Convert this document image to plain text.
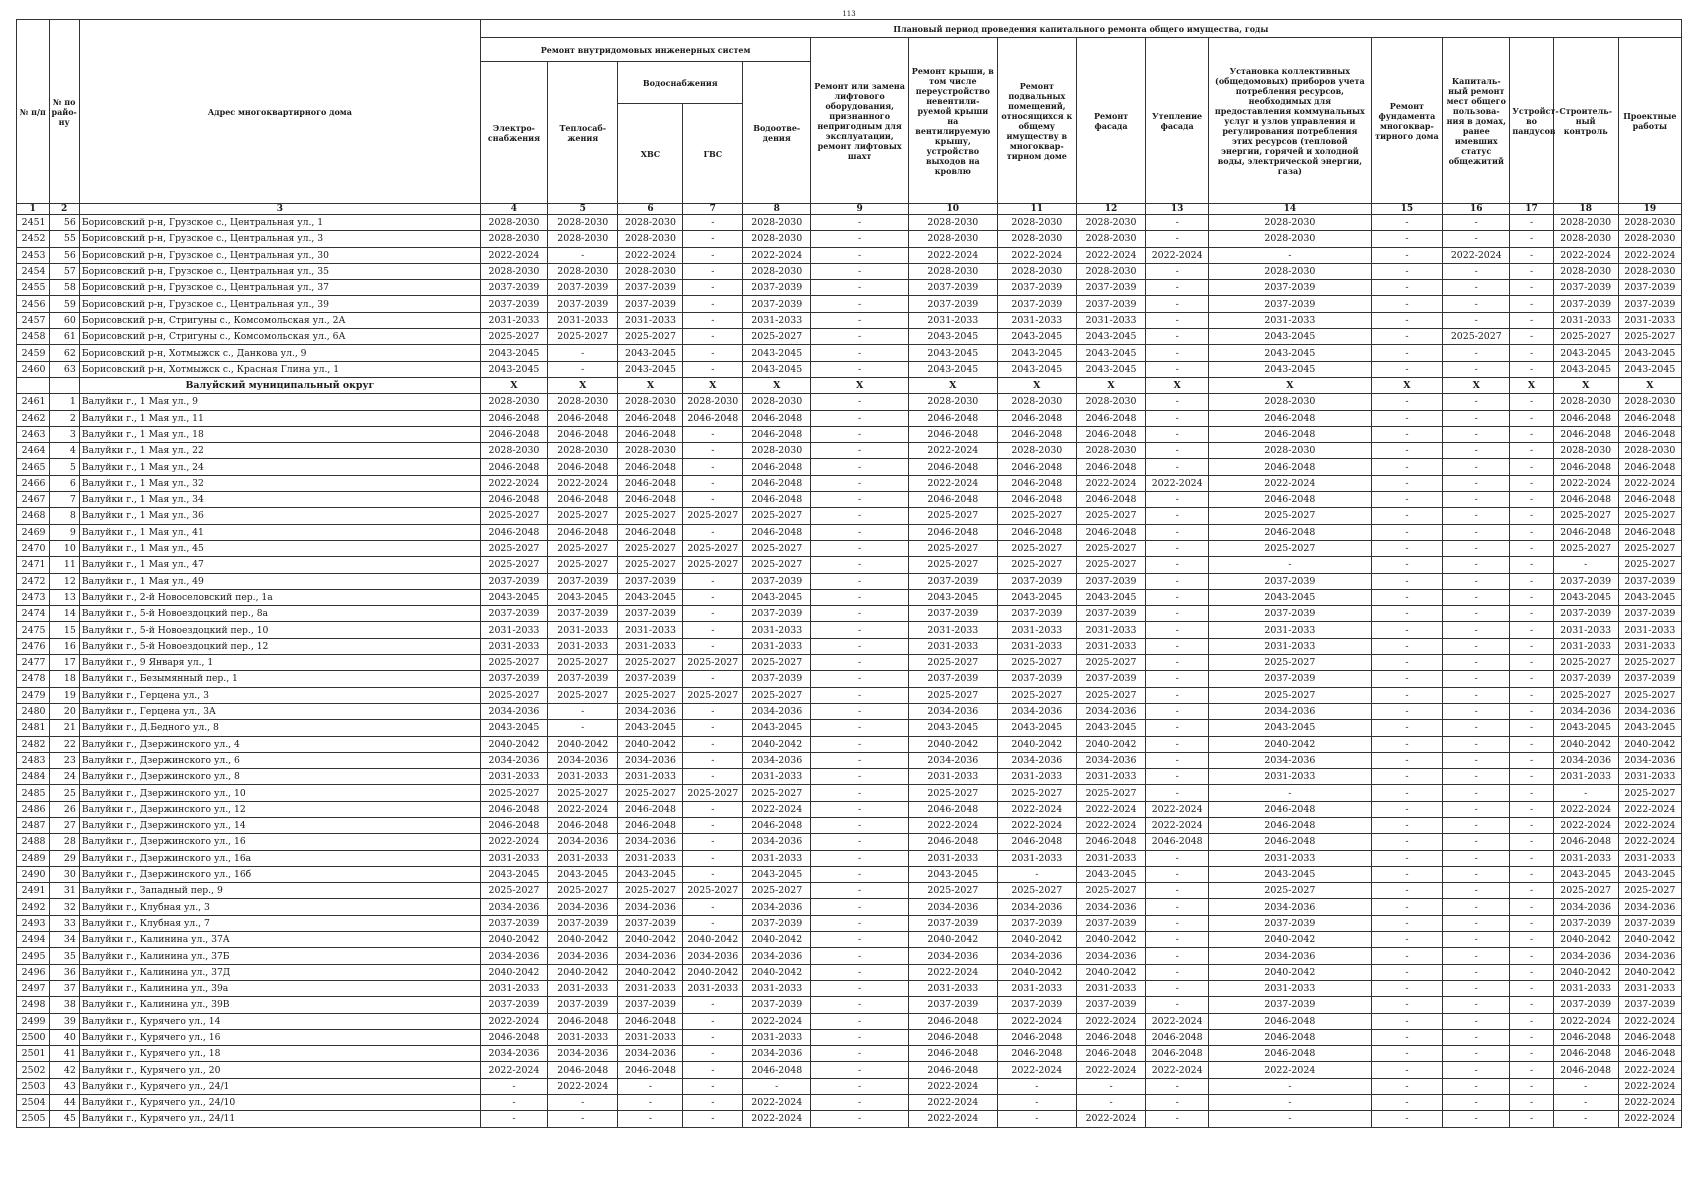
113
№ п/п	№ по райо-ну	Адрес многоквартирного дома	Плановый период проведения капитального ремонта общего имущества, годы															
			Ремонт внутридомовых инженерных систем					Ремонт или замена лифтового оборудования, признанного непригодным для эксплуатации, ремонт лифтовых шахт	Ремонт крыши, в том числе переустройство невентили-руемой крыши на вентилируемую крышу, устройство выходов на кровлю	Ремонт подвальных помещений, относящихся к общему имуществу в многоквар-тирном доме	Ремонт фасада	Утепление фасада	Установка коллективных (общедомовых) приборов учета потребления ресурсов, необходимых для предоставления коммунальных услуг и узлов управления и регулирования потребления этих ресурсов (тепловой энергии, горячей и холодной воды, электрической энергии, газа)	Ремонт фундамента многоквар-тирного дома	Капиталь-ный ремонт мест общего пользова-ния в домах, ранее имевших статус общежитий	Устройст-во пандусов	Строитель-ный контроль	Проектные работы
			Электро-снабжения	Теплосаб-жения	Водоснабжения		Водоотве-дения											
					ХВС	ГВС												
1	2	3	4	5	6	7	8	9	10	11	12	13	14	15	16	17	18	19
2451	56	Борисовский р-н, Грузское с., Центральная ул., 1	2028-2030	2028-2030	2028-2030	-	2028-2030	-	2028-2030	2028-2030	2028-2030	-	2028-2030	-	-	-	2028-2030	2028-2030
2452	55	Борисовский р-н, Грузское с., Центральная ул., 3	2028-2030	2028-2030	2028-2030	-	2028-2030	-	2028-2030	2028-2030	2028-2030	-	2028-2030	-	-	-	2028-2030	2028-2030
2453	56	Борисовский р-н, Грузское с., Центральная ул., 30	2022-2024	-	2022-2024	-	2022-2024	-	2022-2024	2022-2024	2022-2024	2022-2024	-	-	2022-2024	-	2022-2024	2022-2024
2454	57	Борисовский р-н, Грузское с., Центральная ул., 35	2028-2030	2028-2030	2028-2030	-	2028-2030	-	2028-2030	2028-2030	2028-2030	-	2028-2030	-	-	-	2028-2030	2028-2030
2455	58	Борисовский р-н, Грузское с., Центральная ул., 37	2037-2039	2037-2039	2037-2039	-	2037-2039	-	2037-2039	2037-2039	2037-2039	-	2037-2039	-	-	-	2037-2039	2037-2039
2456	59	Борисовский р-н, Грузское с., Центральная ул., 39	2037-2039	2037-2039	2037-2039	-	2037-2039	-	2037-2039	2037-2039	2037-2039	-	2037-2039	-	-	-	2037-2039	2037-2039
2457	60	Борисовский р-н, Стригуны с., Комсомольская ул., 2А	2031-2033	2031-2033	2031-2033	-	2031-2033	-	2031-2033	2031-2033	2031-2033	-	2031-2033	-	-	-	2031-2033	2031-2033
2458	61	Борисовский р-н, Стригуны с., Комсомольская ул., 6А	2025-2027	2025-2027	2025-2027	-	2025-2027	-	2043-2045	2043-2045	2043-2045	-	2043-2045	-	2025-2027	-	2025-2027	2025-2027
2459	62	Борисовский р-н, Хотмыжск с., Данкова ул., 9	2043-2045	-	2043-2045	-	2043-2045	-	2043-2045	2043-2045	2043-2045	-	2043-2045	-	-	-	2043-2045	2043-2045
2460	63	Борисовский р-н, Хотмыжск с., Красная Глина ул., 1	2043-2045	-	2043-2045	-	2043-2045	-	2043-2045	2043-2045	2043-2045	-	2043-2045	-	-	-	2043-2045	2043-2045
		Валуйский муниципальный округ	X	X	X	X	X	X	X	X	X	X	X	X	X	X	X	X
2461	1	Валуйки г., 1 Мая ул., 9	2028-2030	2028-2030	2028-2030	2028-2030	2028-2030	-	2028-2030	2028-2030	2028-2030	-	2028-2030	-	-	-	2028-2030	2028-2030
2462	2	Валуйки г., 1 Мая ул., 11	2046-2048	2046-2048	2046-2048	2046-2048	2046-2048	-	2046-2048	2046-2048	2046-2048	-	2046-2048	-	-	-	2046-2048	2046-2048
2463	3	Валуйки г., 1 Мая ул., 18	2046-2048	2046-2048	2046-2048	-	2046-2048	-	2046-2048	2046-2048	2046-2048	-	2046-2048	-	-	-	2046-2048	2046-2048
2464	4	Валуйки г., 1 Мая ул., 22	2028-2030	2028-2030	2028-2030	-	2028-2030	-	2022-2024	2028-2030	2028-2030	-	2028-2030	-	-	-	2028-2030	2028-2030
2465	5	Валуйки г., 1 Мая ул., 24	2046-2048	2046-2048	2046-2048	-	2046-2048	-	2046-2048	2046-2048	2046-2048	-	2046-2048	-	-	-	2046-2048	2046-2048
2466	6	Валуйки г., 1 Мая ул., 32	2022-2024	2022-2024	2046-2048	-	2046-2048	-	2022-2024	2046-2048	2022-2024	2022-2024	2022-2024	-	-	-	2022-2024	2022-2024
2467	7	Валуйки г., 1 Мая ул., 34	2046-2048	2046-2048	2046-2048	-	2046-2048	-	2046-2048	2046-2048	2046-2048	-	2046-2048	-	-	-	2046-2048	2046-2048
2468	8	Валуйки г., 1 Мая ул., 36	2025-2027	2025-2027	2025-2027	2025-2027	2025-2027	-	2025-2027	2025-2027	2025-2027	-	2025-2027	-	-	-	2025-2027	2025-2027
2469	9	Валуйки г., 1 Мая ул., 41	2046-2048	2046-2048	2046-2048	-	2046-2048	-	2046-2048	2046-2048	2046-2048	-	2046-2048	-	-	-	2046-2048	2046-2048
2470	10	Валуйки г., 1 Мая ул., 45	2025-2027	2025-2027	2025-2027	2025-2027	2025-2027	-	2025-2027	2025-2027	2025-2027	-	2025-2027	-	-	-	2025-2027	2025-2027
2471	11	Валуйки г., 1 Мая ул., 47	2025-2027	2025-2027	2025-2027	2025-2027	2025-2027	-	2025-2027	2025-2027	2025-2027	-	-	-	-	-	-	2025-2027
2472	12	Валуйки г., 1 Мая ул., 49	2037-2039	2037-2039	2037-2039	-	2037-2039	-	2037-2039	2037-2039	2037-2039	-	2037-2039	-	-	-	2037-2039	2037-2039
2473	13	Валуйки г., 2-й Новоселовский пер., 1а	2043-2045	2043-2045	2043-2045	-	2043-2045	-	2043-2045	2043-2045	2043-2045	-	2043-2045	-	-	-	2043-2045	2043-2045
2474	14	Валуйки г., 5-й Новоездоцкий пер., 8а	2037-2039	2037-2039	2037-2039	-	2037-2039	-	2037-2039	2037-2039	2037-2039	-	2037-2039	-	-	-	2037-2039	2037-2039
2475	15	Валуйки г., 5-й Новоездоцкий пер., 10	2031-2033	2031-2033	2031-2033	-	2031-2033	-	2031-2033	2031-2033	2031-2033	-	2031-2033	-	-	-	2031-2033	2031-2033
2476	16	Валуйки г., 5-й Новоездоцкий пер., 12	2031-2033	2031-2033	2031-2033	-	2031-2033	-	2031-2033	2031-2033	2031-2033	-	2031-2033	-	-	-	2031-2033	2031-2033
2477	17	Валуйки г., 9 Января ул., 1	2025-2027	2025-2027	2025-2027	2025-2027	2025-2027	-	2025-2027	2025-2027	2025-2027	-	2025-2027	-	-	-	2025-2027	2025-2027
2478	18	Валуйки г., Безымянный пер., 1	2037-2039	2037-2039	2037-2039	-	2037-2039	-	2037-2039	2037-2039	2037-2039	-	2037-2039	-	-	-	2037-2039	2037-2039
2479	19	Валуйки г., Герцена ул., 3	2025-2027	2025-2027	2025-2027	2025-2027	2025-2027	-	2025-2027	2025-2027	2025-2027	-	2025-2027	-	-	-	2025-2027	2025-2027
2480	20	Валуйки г., Герцена ул., 3А	2034-2036	-	2034-2036	-	2034-2036	-	2034-2036	2034-2036	2034-2036	-	2034-2036	-	-	-	2034-2036	2034-2036
2481	21	Валуйки г., Д.Бедного ул., 8	2043-2045	-	2043-2045	-	2043-2045	-	2043-2045	2043-2045	2043-2045	-	2043-2045	-	-	-	2043-2045	2043-2045
2482	22	Валуйки г., Дзержинского ул., 4	2040-2042	2040-2042	2040-2042	-	2040-2042	-	2040-2042	2040-2042	2040-2042	-	2040-2042	-	-	-	2040-2042	2040-2042
2483	23	Валуйки г., Дзержинского ул., 6	2034-2036	2034-2036	2034-2036	-	2034-2036	-	2034-2036	2034-2036	2034-2036	-	2034-2036	-	-	-	2034-2036	2034-2036
2484	24	Валуйки г., Дзержинского ул., 8	2031-2033	2031-2033	2031-2033	-	2031-2033	-	2031-2033	2031-2033	2031-2033	-	2031-2033	-	-	-	2031-2033	2031-2033
2485	25	Валуйки г., Дзержинского ул., 10	2025-2027	2025-2027	2025-2027	2025-2027	2025-2027	-	2025-2027	2025-2027	2025-2027	-	-	-	-	-	-	2025-2027
2486	26	Валуйки г., Дзержинского ул., 12	2046-2048	2022-2024	2046-2048	-	2022-2024	-	2046-2048	2022-2024	2022-2024	2022-2024	2046-2048	-	-	-	2022-2024	2022-2024
2487	27	Валуйки г., Дзержинского ул., 14	2046-2048	2046-2048	2046-2048	-	2046-2048	-	2022-2024	2022-2024	2022-2024	2022-2024	2046-2048	-	-	-	2022-2024	2022-2024
2488	28	Валуйки г., Дзержинского ул., 16	2022-2024	2034-2036	2034-2036	-	2034-2036	-	2046-2048	2046-2048	2046-2048	2046-2048	2046-2048	-	-	-	2046-2048	2022-2024
2489	29	Валуйки г., Дзержинского ул., 16а	2031-2033	2031-2033	2031-2033	-	2031-2033	-	2031-2033	2031-2033	2031-2033	-	2031-2033	-	-	-	2031-2033	2031-2033
2490	30	Валуйки г., Дзержинского ул., 16б	2043-2045	2043-2045	2043-2045	-	2043-2045	-	2043-2045	-	2043-2045	-	2043-2045	-	-	-	2043-2045	2043-2045
2491	31	Валуйки г., Западный пер., 9	2025-2027	2025-2027	2025-2027	2025-2027	2025-2027	-	2025-2027	2025-2027	2025-2027	-	2025-2027	-	-	-	2025-2027	2025-2027
2492	32	Валуйки г., Клубная ул., 3	2034-2036	2034-2036	2034-2036	-	2034-2036	-	2034-2036	2034-2036	2034-2036	-	2034-2036	-	-	-	2034-2036	2034-2036
2493	33	Валуйки г., Клубная ул., 7	2037-2039	2037-2039	2037-2039	-	2037-2039	-	2037-2039	2037-2039	2037-2039	-	2037-2039	-	-	-	2037-2039	2037-2039
2494	34	Валуйки г., Калинина ул., 37А	2040-2042	2040-2042	2040-2042	2040-2042	2040-2042	-	2040-2042	2040-2042	2040-2042	-	2040-2042	-	-	-	2040-2042	2040-2042
2495	35	Валуйки г., Калинина ул., 37Б	2034-2036	2034-2036	2034-2036	2034-2036	2034-2036	-	2034-2036	2034-2036	2034-2036	-	2034-2036	-	-	-	2034-2036	2034-2036
2496	36	Валуйки г., Калинина ул., 37Д	2040-2042	2040-2042	2040-2042	2040-2042	2040-2042	-	2022-2024	2040-2042	2040-2042	-	2040-2042	-	-	-	2040-2042	2040-2042
2497	37	Валуйки г., Калинина ул., 39а	2031-2033	2031-2033	2031-2033	2031-2033	2031-2033	-	2031-2033	2031-2033	2031-2033	-	2031-2033	-	-	-	2031-2033	2031-2033
2498	38	Валуйки г., Калинина ул., 39В	2037-2039	2037-2039	2037-2039	-	2037-2039	-	2037-2039	2037-2039	2037-2039	-	2037-2039	-	-	-	2037-2039	2037-2039
2499	39	Валуйки г., Курячего ул., 14	2022-2024	2046-2048	2046-2048	-	2022-2024	-	2046-2048	2022-2024	2022-2024	2022-2024	2046-2048	-	-	-	2022-2024	2022-2024
2500	40	Валуйки г., Курячего ул., 16	2046-2048	2031-2033	2031-2033	-	2031-2033	-	2046-2048	2046-2048	2046-2048	2046-2048	2046-2048	-	-	-	2046-2048	2046-2048
2501	41	Валуйки г., Курячего ул., 18	2034-2036	2034-2036	2034-2036	-	2034-2036	-	2046-2048	2046-2048	2046-2048	2046-2048	2046-2048	-	-	-	2046-2048	2046-2048
2502	42	Валуйки г., Курячего ул., 20	2022-2024	2046-2048	2046-2048	-	2046-2048	-	2046-2048	2022-2024	2022-2024	2022-2024	2022-2024	-	-	-	2046-2048	2022-2024
2503	43	Валуйки г., Курячего ул., 24/1	-	2022-2024	-	-	-	-	2022-2024	-	-	-	-	-	-	-	-	2022-2024
2504	44	Валуйки г., Курячего ул., 24/10	-	-	-	-	2022-2024	-	2022-2024	-	-	-	-	-	-	-	-	2022-2024
2505	45	Валуйки г., Курячего ул., 24/11	-	-	-	-	2022-2024	-	2022-2024	-	2022-2024	-	-	-	-	-	-	2022-2024
